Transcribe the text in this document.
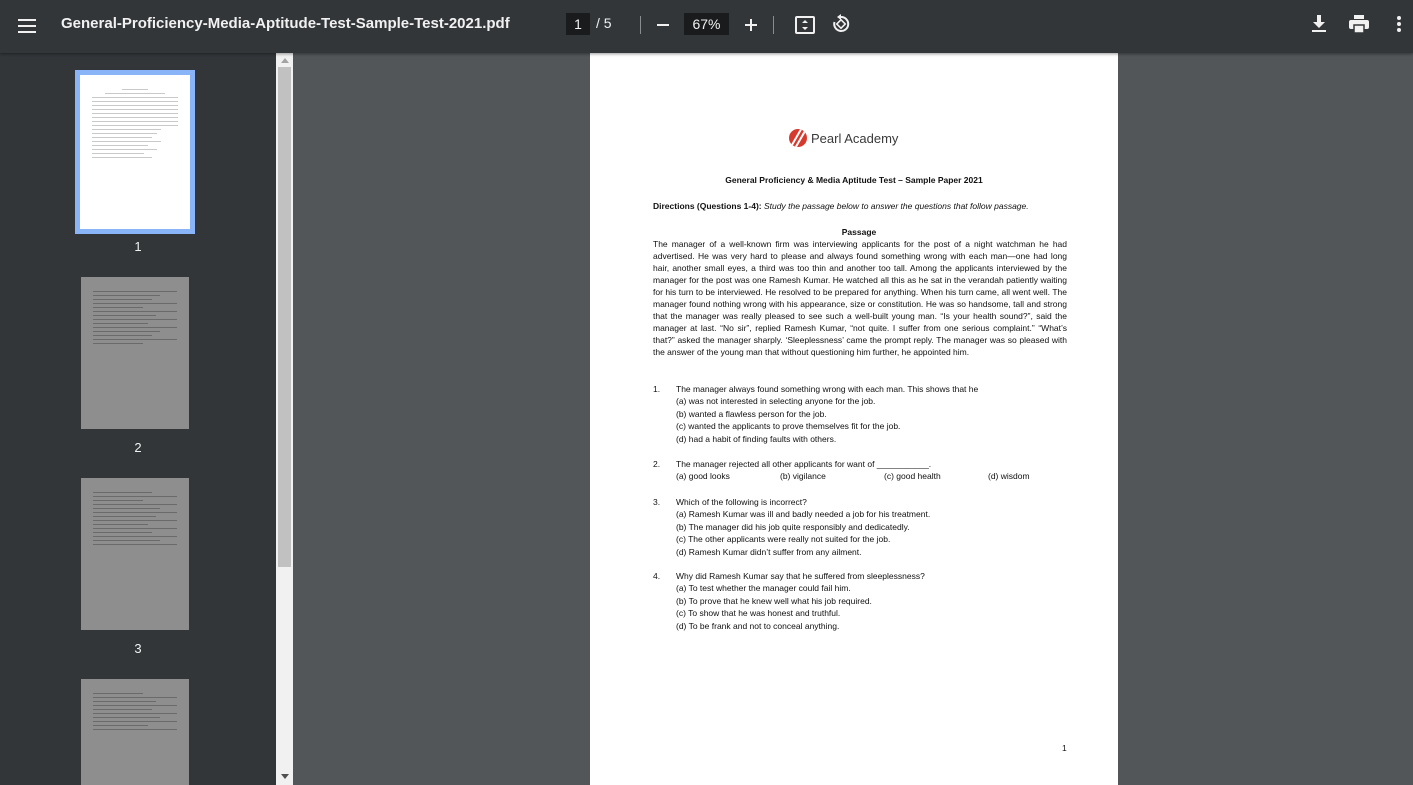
General-Proficiency-Media-Aptitude-Test-Sample-Test-2021.pdf	1	/ 5	67%
1
2
3
Pearl Academy
General Proficiency & Media Aptitude Test – Sample Paper 2021
Directions (Questions 1-4): Study the passage below to answer the questions that follow passage.
Passage
The manager of a well-known firm was interviewing applicants for the post of a night watchman he had advertised. He was very hard to please and always found something wrong with each man—one had long hair, another small eyes, a third was too thin and another too tall. Among the applicants interviewed by the manager for the post was one Ramesh Kumar. He watched all this as he sat in the verandah patiently waiting for his turn to be interviewed. He resolved to be prepared for anything. When his turn came, all went well. The manager found nothing wrong with his appearance, size or constitution. He was so handsome, tall and strong that the manager was really pleased to see such a well-built young man. “Is your health sound?”, said the manager at last. “No sir”, replied Ramesh Kumar, “not quite. I suffer from one serious complaint.” “What’s that?” asked the manager sharply. ‘Sleeplessness’ came the prompt reply. The manager was so pleased with the answer of the young man that without questioning him further, he appointed him.
1. The manager always found something wrong with each man. This shows that he
(a) was not interested in selecting anyone for the job.
(b) wanted a flawless person for the job.
(c) wanted the applicants to prove themselves fit for the job.
(d) had a habit of finding faults with others.
2. The manager rejected all other applicants for want of ___________.
(a) good looks	(b) vigilance	(c) good health	(d) wisdom
3. Which of the following is incorrect?
(a) Ramesh Kumar was ill and badly needed a job for his treatment.
(b) The manager did his job quite responsibly and dedicatedly.
(c) The other applicants were really not suited for the job.
(d) Ramesh Kumar didn’t suffer from any ailment.
4. Why did Ramesh Kumar say that he suffered from sleeplessness?
(a) To test whether the manager could fail him.
(b) To prove that he knew well what his job required.
(c) To show that he was honest and truthful.
(d) To be frank and not to conceal anything.
1
